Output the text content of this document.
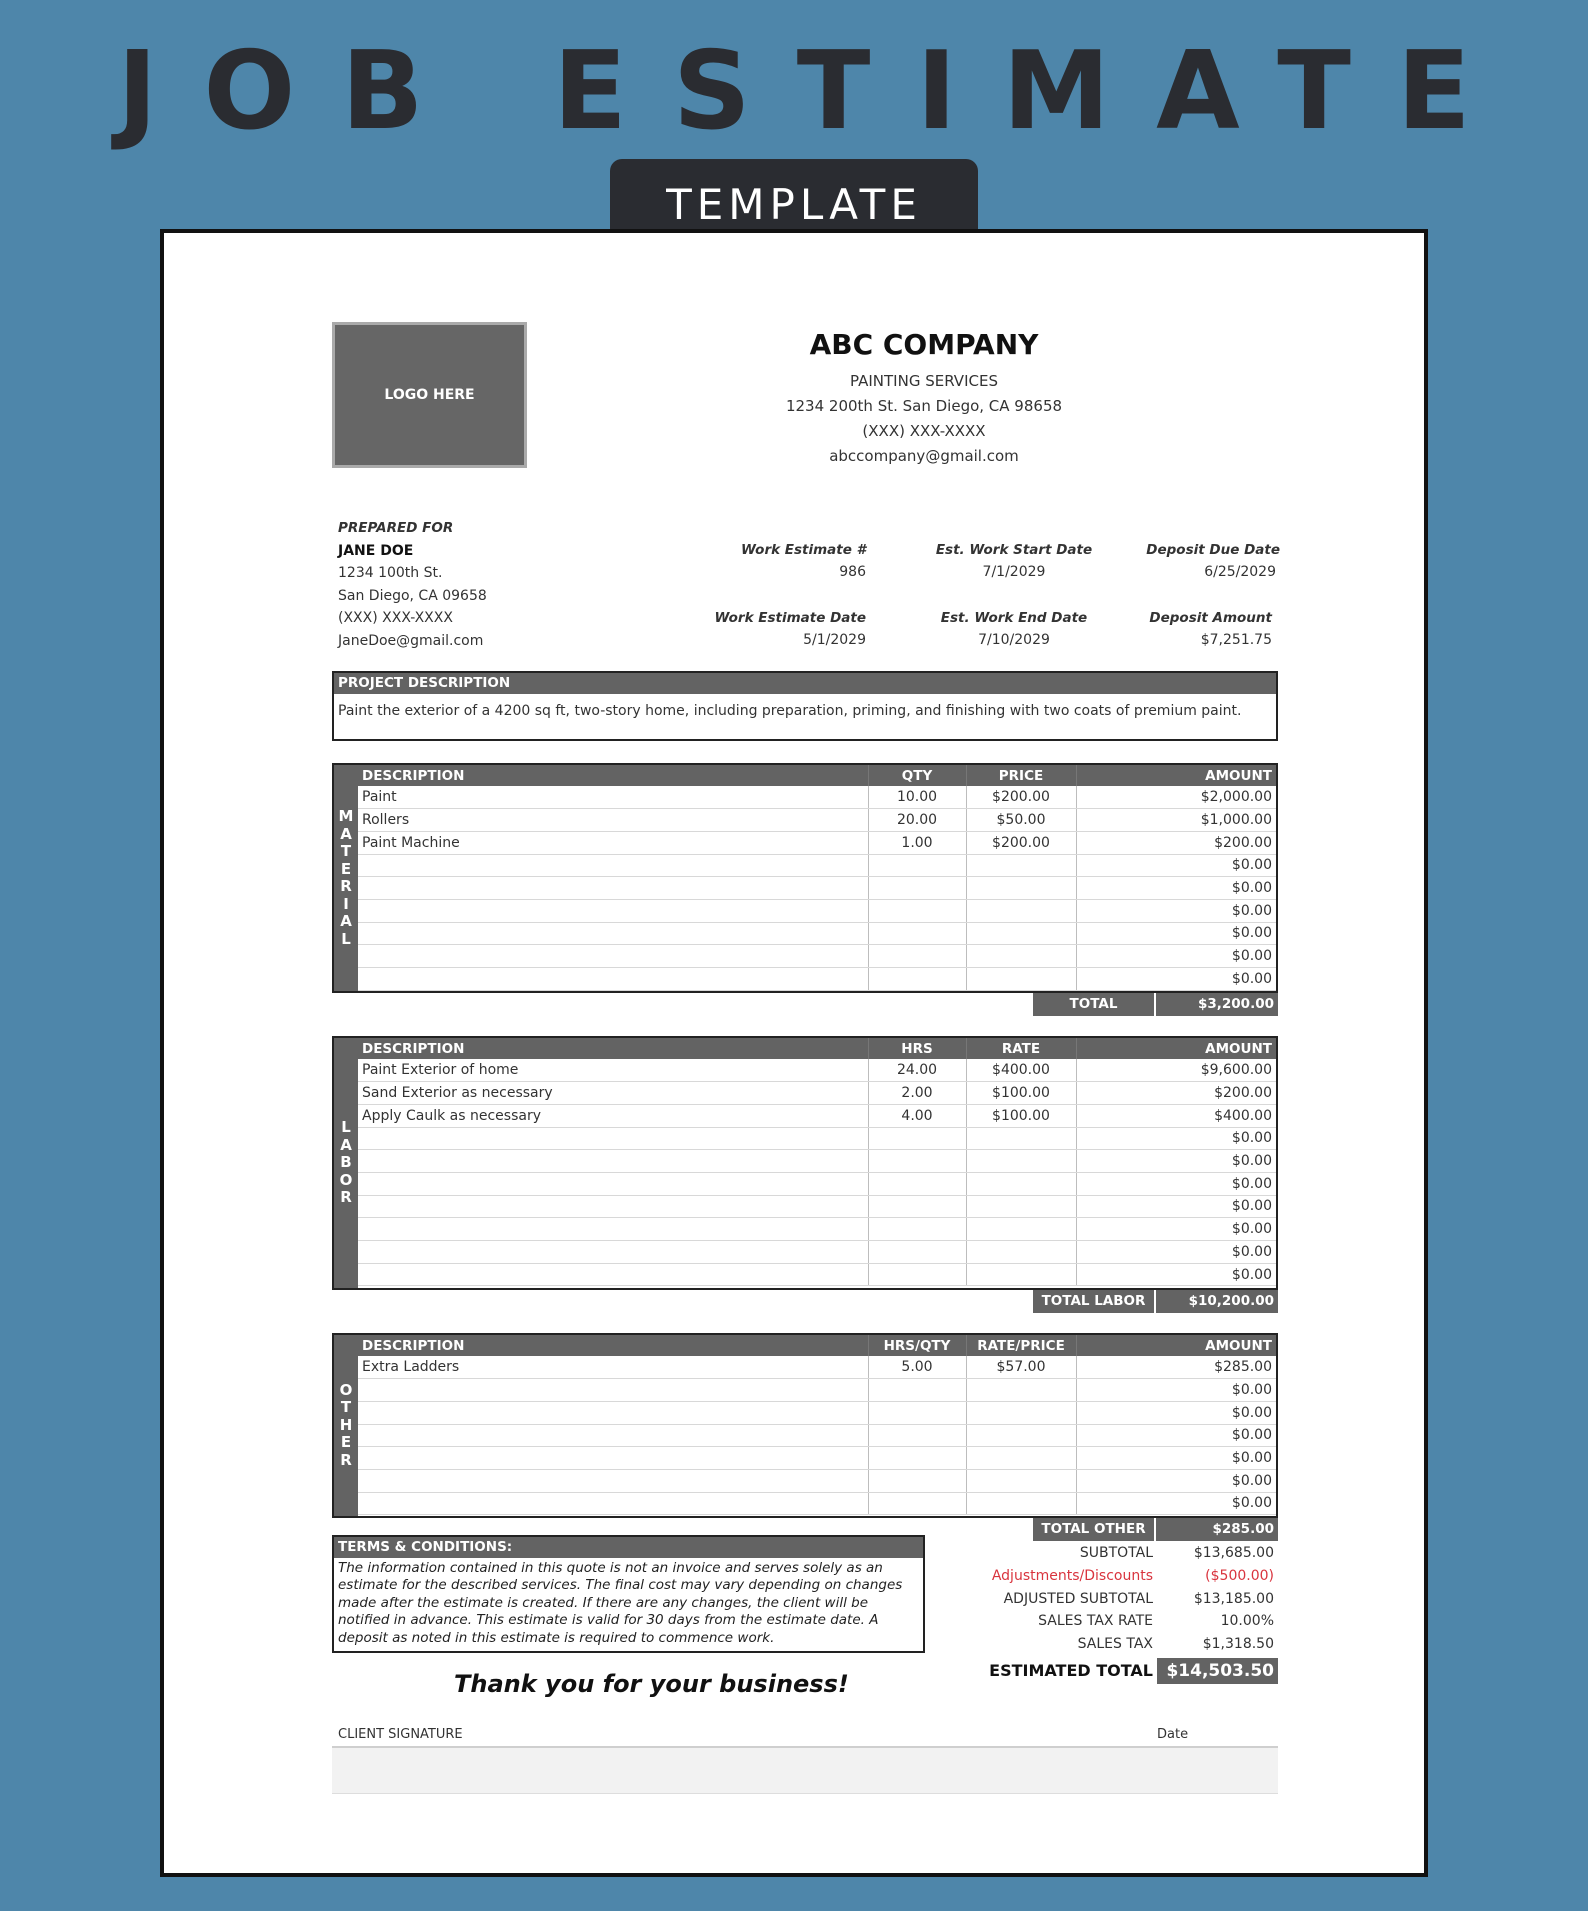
JOB ESTIMATE
TEMPLATE
LOGO HERE
ABC COMPANY
PAINTING SERVICES
1234 200th St. San Diego, CA 98658
(XXX) XXX-XXXX
abccompany@gmail.com
PREPARED FOR
JANE DOE
1234 100th St.
San Diego, CA 09658
(XXX) XXX-XXXX
JaneDoe@gmail.com
Work Estimate #
986
Work Estimate Date
5/1/2029
Est. Work Start Date
7/1/2029
Est. Work End Date
7/10/2029
Deposit Due Date
6/25/2029
Deposit Amount
$7,251.75
PROJECT DESCRIPTION
Paint the exterior of a 4200 sq ft, two-story home, including preparation, priming, and finishing with two coats of premium paint.
M
A
T
E
R
I
A
L
DESCRIPTION	QTY	PRICE	AMOUNT
Paint	10.00	$200.00	$2,000.00
Rollers	20.00	$50.00	$1,000.00
Paint Machine	1.00	$200.00	$200.00
			$0.00
			$0.00
			$0.00
			$0.00
			$0.00
			$0.00
TOTAL MATERIAL
$3,200.00
L
A
B
O
R
DESCRIPTION	HRS	RATE	AMOUNT
Paint Exterior of home	24.00	$400.00	$9,600.00
Sand Exterior as necessary	2.00	$100.00	$200.00
Apply Caulk as necessary	4.00	$100.00	$400.00
			$0.00
			$0.00
			$0.00
			$0.00
			$0.00
			$0.00
			$0.00
TOTAL LABOR	$10,200.00
O
T
H
E
R
DESCRIPTION	HRS/QTY	RATE/PRICE	AMOUNT
Extra Ladders	5.00	$57.00	$285.00
			$0.00
			$0.00
			$0.00
			$0.00
			$0.00
			$0.00
TOTAL OTHER	$285.00
TERMS & CONDITIONS:
The information contained in this quote is not an invoice and serves solely as an estimate for the described services. The final cost may vary depending on changes made after the estimate is created. If there are any changes, the client will be notified in advance. This estimate is valid for 30 days from the estimate date. A deposit as noted in this estimate is required to commence work.
SUBTOTAL	$13,685.00
Adjustments/Discounts	($500.00)
ADJUSTED SUBTOTAL	$13,185.00
SALES TAX RATE	10.00%
SALES TAX	$1,318.50
ESTIMATED TOTAL $14,503.50
Thank you for your business!
CLIENT SIGNATURE	Date
